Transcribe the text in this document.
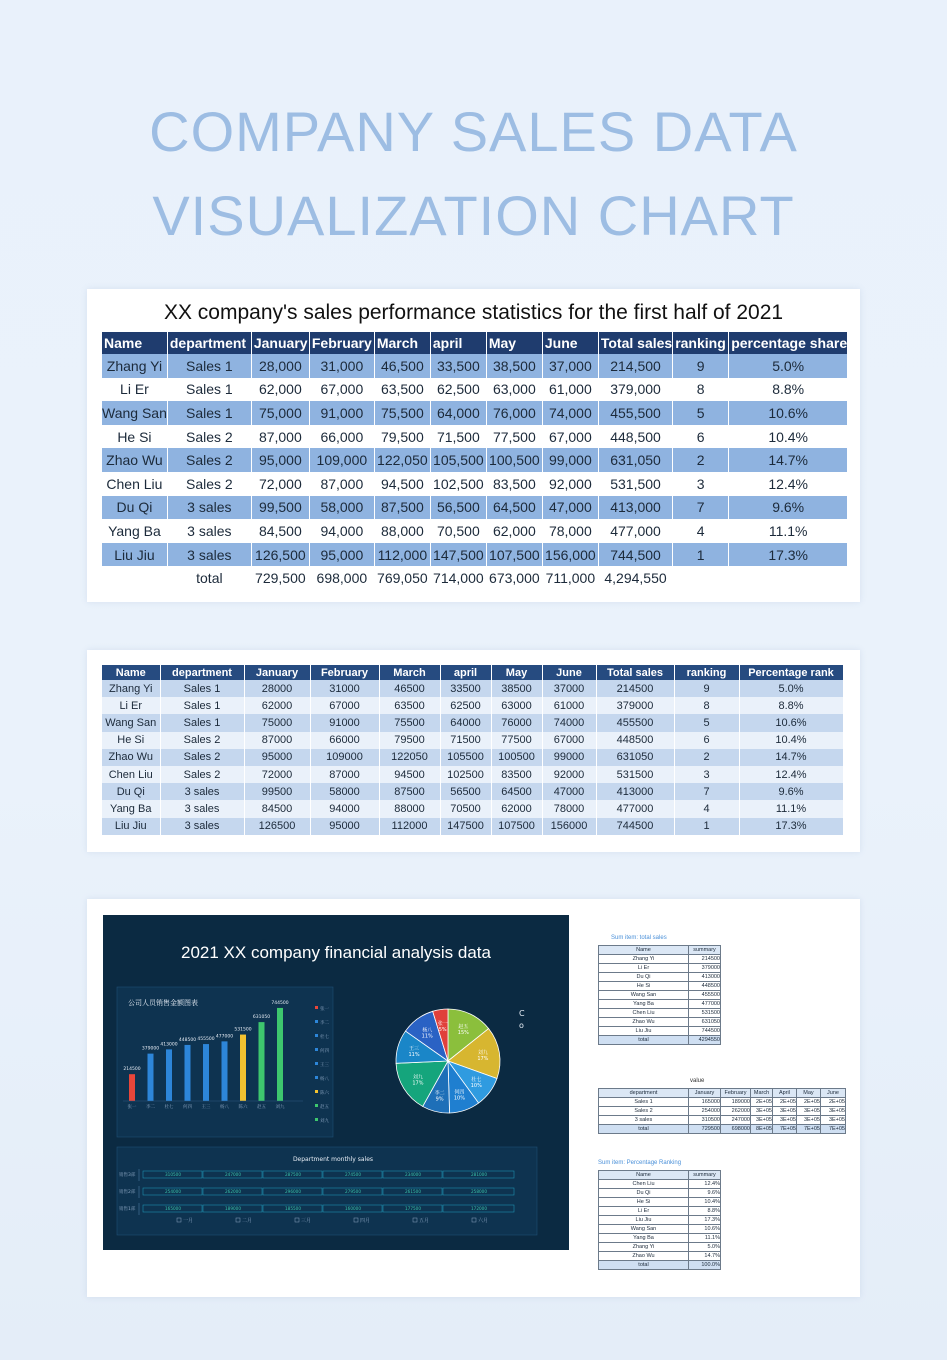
COMPANY SALES DATA
VISUALIZATION CHART
XX company's sales performance statistics for the first half of 2021
Name	department	January	February	March	april	May	June	Total sales	ranking	percentage share
Zhang Yi	Sales 1	28,000	31,000	46,500	33,500	38,500	37,000	214,500	9	5.0%
Li Er	Sales 1	62,000	67,000	63,500	62,500	63,000	61,000	379,000	8	8.8%
Wang San	Sales 1	75,000	91,000	75,500	64,000	76,000	74,000	455,500	5	10.6%
He Si	Sales 2	87,000	66,000	79,500	71,500	77,500	67,000	448,500	6	10.4%
Zhao Wu	Sales 2	95,000	109,000	122,050	105,500	100,500	99,000	631,050	2	14.7%
Chen Liu	Sales 2	72,000	87,000	94,500	102,500	83,500	92,000	531,500	3	12.4%
Du Qi	3 sales	99,500	58,000	87,500	56,500	64,500	47,000	413,000	7	9.6%
Yang Ba	3 sales	84,500	94,000	88,000	70,500	62,000	78,000	477,000	4	11.1%
Liu Jiu	3 sales	126,500	95,000	112,000	147,500	107,500	156,000	744,500	1	17.3%
	total	729,500	698,000	769,050	714,000	673,000	711,000	4,294,550		
Name	department	January	February	March	april	May	June	Total sales	ranking	Percentage rank
Zhang Yi	Sales 1	28000	31000	46500	33500	38500	37000	214500	9	5.0%
Li Er	Sales 1	62000	67000	63500	62500	63000	61000	379000	8	8.8%
Wang San	Sales 1	75000	91000	75500	64000	76000	74000	455500	5	10.6%
He Si	Sales 2	87000	66000	79500	71500	77500	67000	448500	6	10.4%
Zhao Wu	Sales 2	95000	109000	122050	105500	100500	99000	631050	2	14.7%
Chen Liu	Sales 2	72000	87000	94500	102500	83500	92000	531500	3	12.4%
Du Qi	3 sales	99500	58000	87500	56500	64500	47000	413000	7	9.6%
Yang Ba	3 sales	84500	94000	88000	70500	62000	78000	477000	4	11.1%
Liu Jiu	3 sales	126500	95000	112000	147500	107500	156000	744500	1	17.3%
公司人员销售金额图表
214500
张一
379000
李二
413000
杜七
448500
何四
455500
王三
477000
杨八
531500
陈六
631050
赵五
744500
刘九
张一
李二
杜七
何四
王三
杨八
陈六
赵五
刘九
赵五
15%
刘九
17%
杜七
10%
何四
10%
李二
9%
刘九
17%
王三
11%
杨八
11%
张一
5%
Department monthly sales
销售3部	310500	247000	287500	274500	234000	281000
销售2部	254000	262000	296000	279500	261500	258000
销售1部	165000	189000	185500	160000	177500	172000
一月	二月	三月	四月	五月	六月
2021 XX company financial analysis data
C
o
Sum item: total sales
Name	summary
Zhang Yi	214500
Li Er	379000
Du Qi	413000
He Si	448500
Wang San	455500
Yang Ba	477000
Chen Liu	531500
Zhao Wu	631050
Liu Jiu	744500
total	4294550
value
department	January	February	March	April	May	June
Sales 1	165000	189000	2E+05	2E+05	2E+05	2E+05
Sales 2	254000	262000	3E+05	3E+05	3E+05	3E+05
3 sales	310500	247000	3E+05	3E+05	3E+05	3E+05
total	729500	698000	8E+05	7E+05	7E+05	7E+05
Sum item: Percentage Ranking
Name	summary
Chen Liu	12.4%
Du Qi	9.6%
He Si	10.4%
Li Er	8.8%
Liu Jiu	17.3%
Wang San	10.6%
Yang Ba	11.1%
Zhang Yi	5.0%
Zhao Wu	14.7%
total	100.0%
